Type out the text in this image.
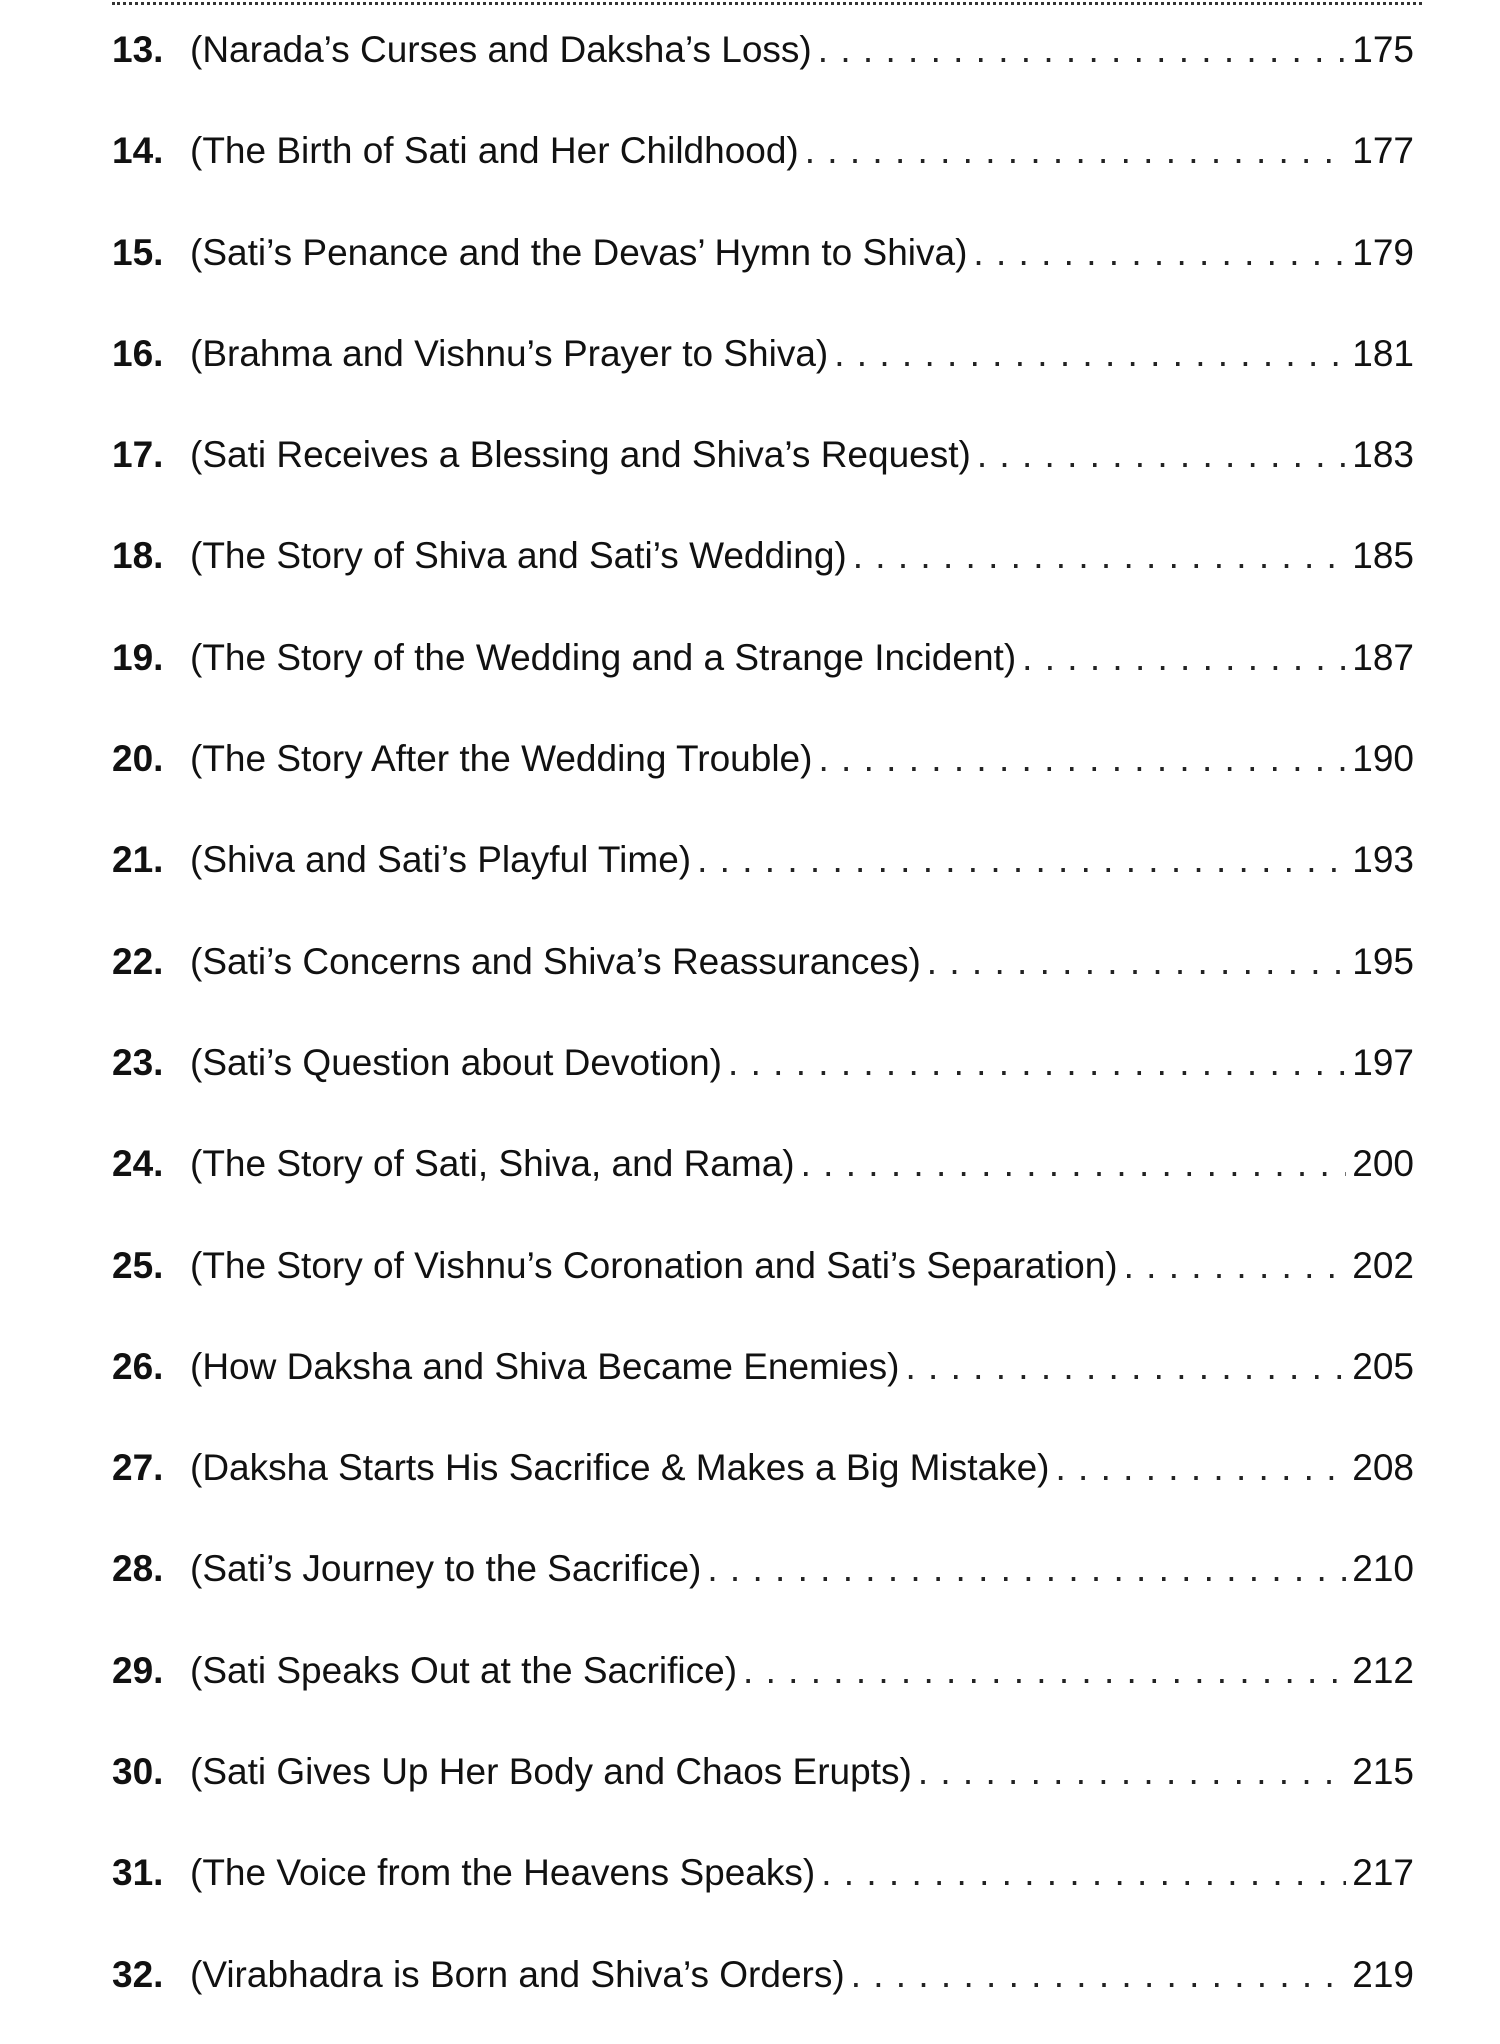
13. (Narada’s Curses and Daksha’s Loss) . . .	175
14. (The Birth of Sati and Her Childhood) . . .	177
15. (Sati’s Penance and the Devas’ Hymn to Shiva) . . .	179
16. (Brahma and Vishnu’s Prayer to Shiva) . . .	181
17. (Sati Receives a Blessing and Shiva’s Request) . . .	183
18. (The Story of Shiva and Sati’s Wedding) . . .	185
19. (The Story of the Wedding and a Strange Incident) . . .	187
20. (The Story After the Wedding Trouble) . . .	190
21. (Shiva and Sati’s Playful Time) . . .	193
22. (Sati’s Concerns and Shiva’s Reassurances) . . .	195
23. (Sati’s Question about Devotion) . . .	197
24. (The Story of Sati, Shiva, and Rama) . . .	200
25. (The Story of Vishnu’s Coronation and Sati’s Separation) . . .	202
26. (How Daksha and Shiva Became Enemies) . . .	205
27. (Daksha Starts His Sacrifice & Makes a Big Mistake) . . .	208
28. (Sati’s Journey to the Sacrifice) . . .	210
29. (Sati Speaks Out at the Sacrifice) . . .	212
30. (Sati Gives Up Her Body and Chaos Erupts) . . .	215
31. (The Voice from the Heavens Speaks) . . .	217
32. (Virabhadra is Born and Shiva’s Orders) . . .	219
